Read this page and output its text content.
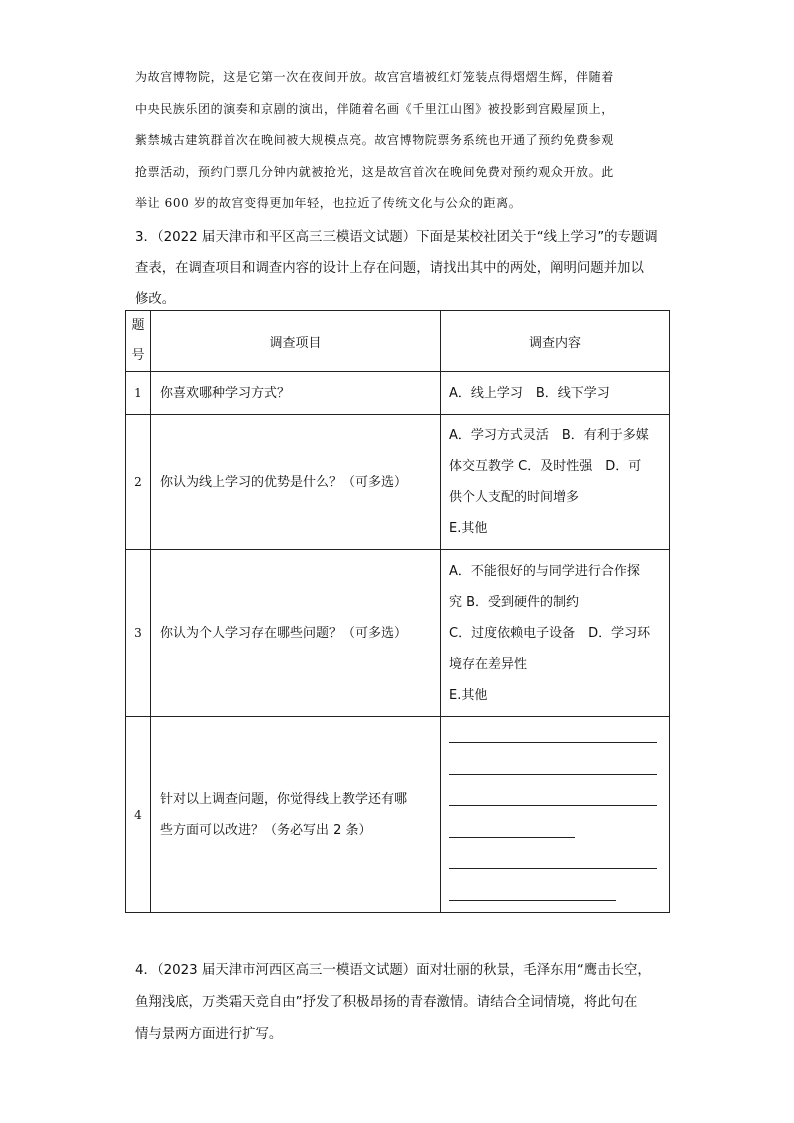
为故宫博物院，这是它第一次在夜间开放。故宫宫墙被红灯笼装点得熠熠生辉，伴随着
中央民族乐团的演奏和京剧的演出，伴随着名画《千里江山图》被投影到宫殿屋顶上，
紫禁城古建筑群首次在晚间被大规模点亮。故宫博物院票务系统也开通了预约免费参观
抢票活动，预约门票几分钟内就被抢光，这是故宫首次在晚间免费对预约观众开放。此
举让 600 岁的故宫变得更加年轻，也拉近了传统文化与公众的距离。
3．（2022 届天津市和平区高三三模语文试题）下面是某校社团关于“线上学习”的专题调
查表，在调查项目和调查内容的设计上存在问题，请找出其中的两处，阐明问题并加以
修改。
题
号	调查项目	调查内容
1	你喜欢哪种学习方式？	A．线上学习　B．线下学习

2	你认为线上学习的优势是什么？（可多选）	A．学习方式灵活　B．有利于多媒
体交互教学 C．及时性强　D．可
供个人支配的时间增多
E.其他

3	你认为个人学习存在哪些问题？（可多选）	A．不能很好的与同学进行合作探
究 B．受到硬件的制约
C．过度依赖电子设备　D．学习环
境存在差异性
E.其他

4	针对以上调查问题，你觉得线上教学还有哪
些方面可以改进？（务必写出 2 条）	

4．（2023 届天津市河西区高三一模语文试题）面对壮丽的秋景，毛泽东用“鹰击长空，
鱼翔浅底，万类霜天竞自由”抒发了积极昂扬的青春激情。请结合全词情境，将此句在
情与景两方面进行扩写。
